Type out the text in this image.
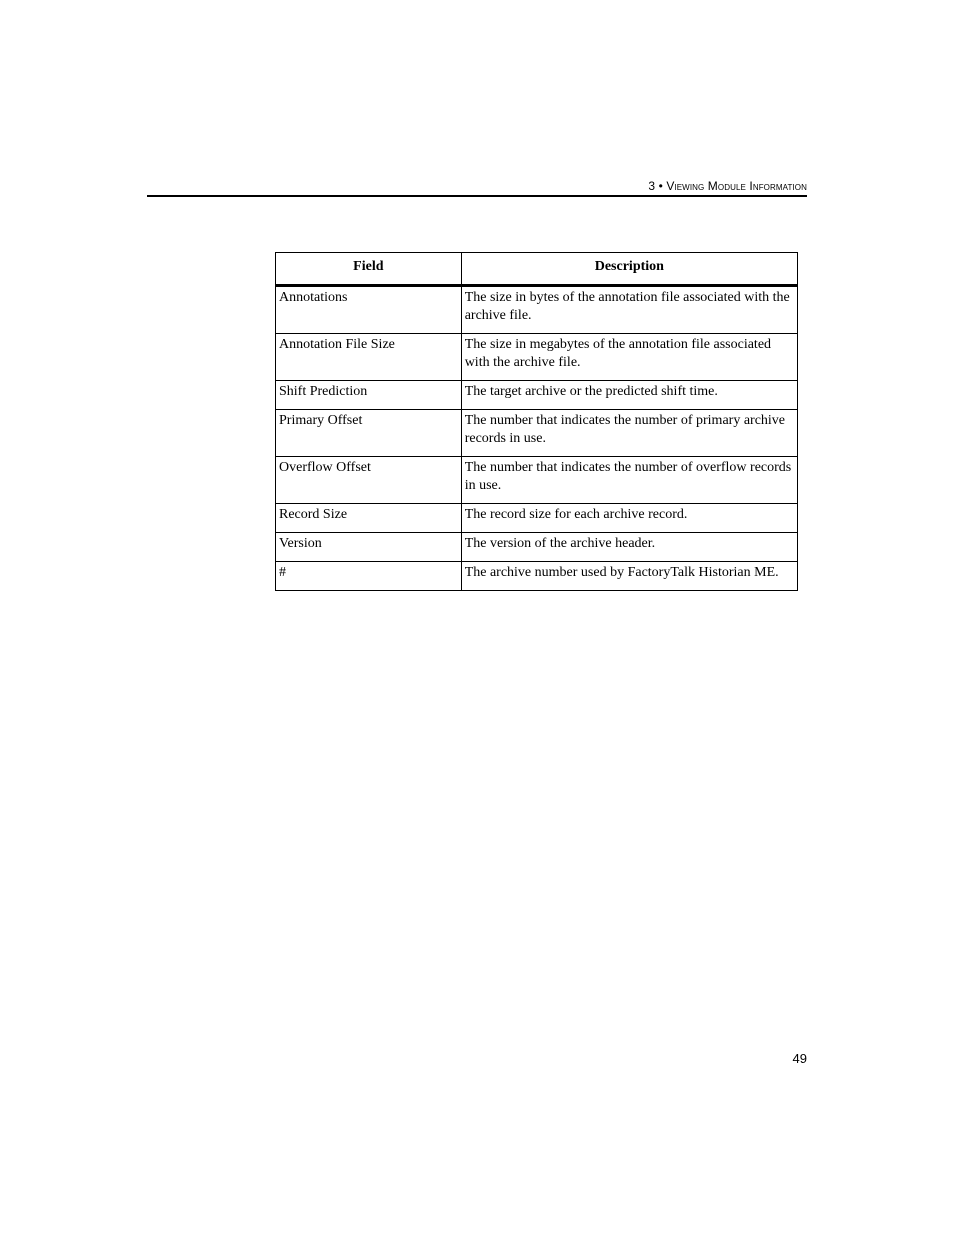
3 • Viewing Module Information
Field	Description
Annotations	The size in bytes of the annotation file associated with the archive file.
Annotation File Size	The size in megabytes of the annotation file associated with the archive file.
Shift Prediction	The target archive or the predicted shift time.
Primary Offset	The number that indicates the number of primary archive records in use.
Overflow Offset	The number that indicates the number of overflow records in use.
Record Size	The record size for each archive record.
Version	The version of the archive header.
#	The archive number used by FactoryTalk Historian ME.
49
